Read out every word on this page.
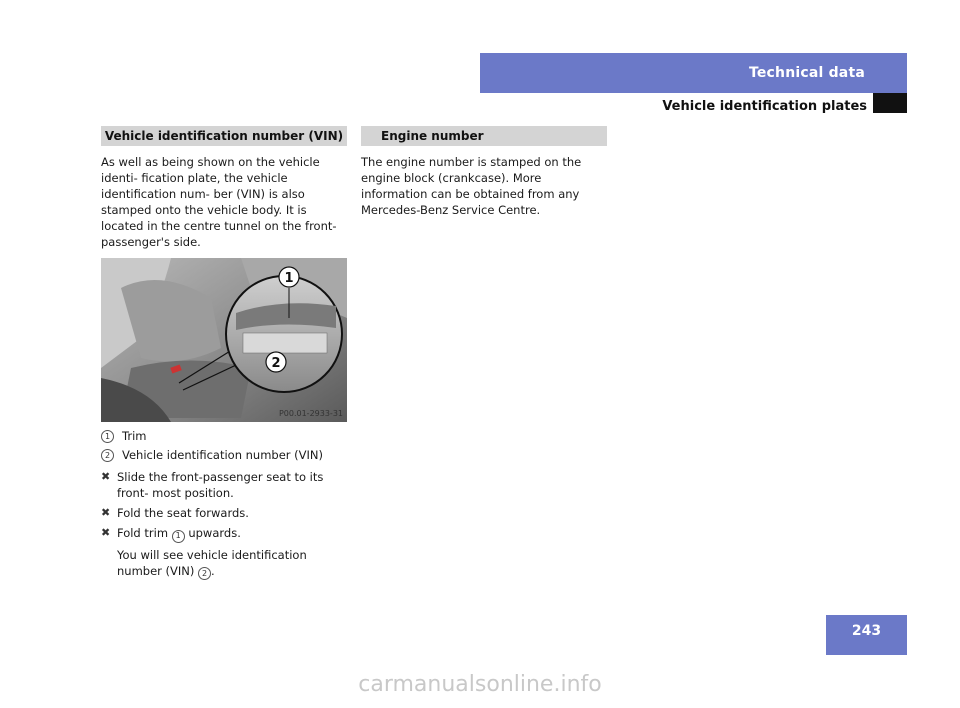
Technical data
Vehicle identification plates
Vehicle identification number (VIN)

As well as being shown on the vehicle identi- fication plate, the vehicle identification num- ber (VIN) is also stamped onto the vehicle body. It is located in the centre tunnel on the front-passenger's side.

1
2
P00.01-2933-31
1	Trim
2	Vehicle identification number (VIN)
✖ Slide the front-passenger seat to its front- most position.
✖ Fold the seat forwards.
✖ Fold trim 1 upwards.
You will see vehicle identification number (VIN) 2 .
Engine number

The engine number is stamped on the engine block (crankcase). More information can be obtained from any Mercedes-Benz Service Centre.

243
carmanualsonline.info
